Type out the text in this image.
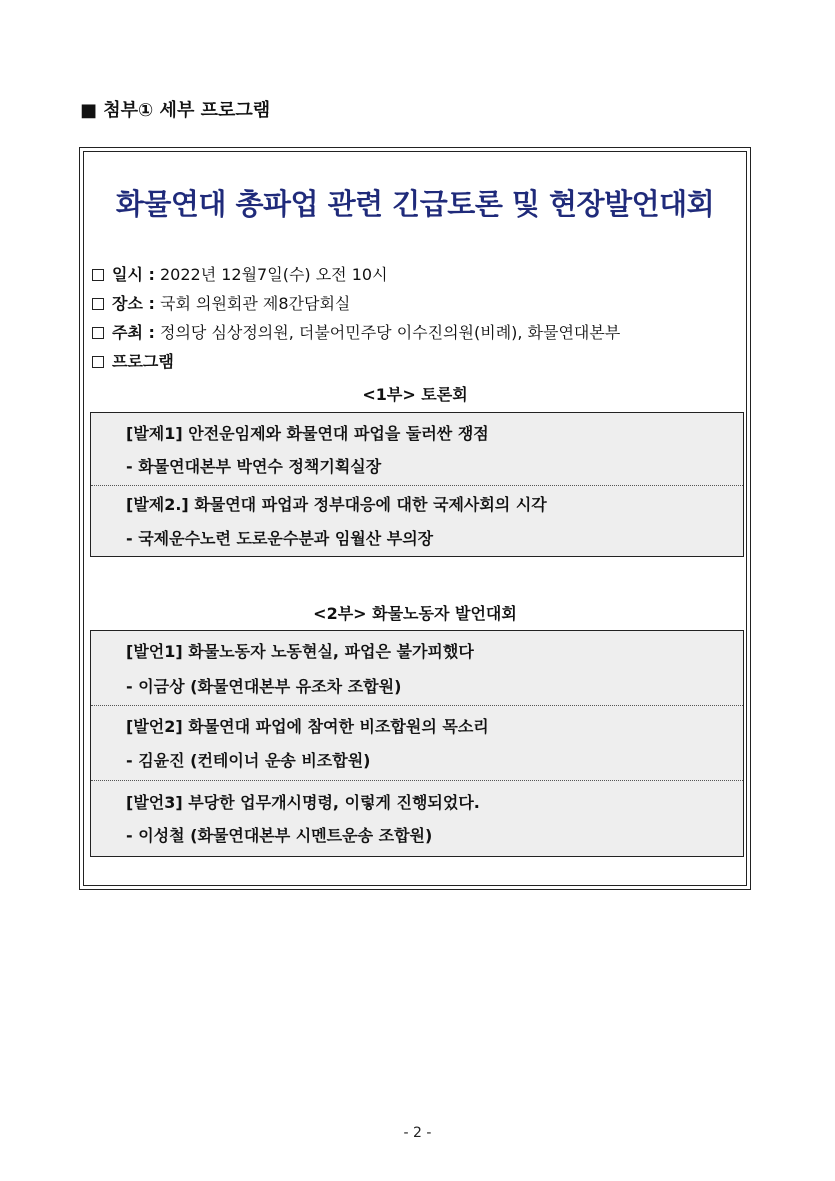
■ 첨부① 세부 프로그램
화물연대 총파업 관련 긴급토론 및 현장발언대회
일시 : 2022년 12월7일(수) 오전 10시
장소 : 국회 의원회관 제8간담회실
주최 : 정의당 심상정의원, 더불어민주당 이수진의원(비례), 화물연대본부
프로그램
<1부> 토론회
[발제1] 안전운임제와 화물연대 파업을 둘러싼 쟁점
- 화물연대본부 박연수 정책기획실장
[발제2.] 화물연대 파업과 정부대응에 대한 국제사회의 시각
- 국제운수노련 도로운수분과 임월산 부의장
<2부> 화물노동자 발언대회
[발언1] 화물노동자 노동현실, 파업은 불가피했다
- 이금상 (화물연대본부 유조차 조합원)
[발언2] 화물연대 파업에 참여한 비조합원의 목소리
- 김윤진 (컨테이너 운송 비조합원)
[발언3] 부당한 업무개시명령, 이렇게 진행되었다.
- 이성철 (화물연대본부 시멘트운송 조합원)
- 2 -
